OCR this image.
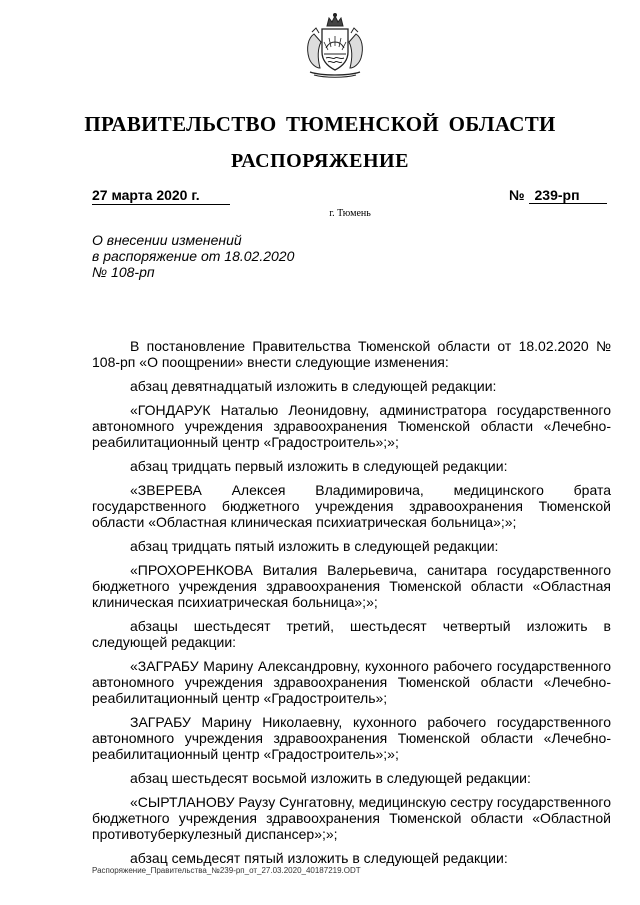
ПРАВИТЕЛЬСТВО ТЮМЕНСКОЙ ОБЛАСТИ
РАСПОРЯЖЕНИЕ
27 марта 2020 г.	№ 239-рп
г. Тюмень
О внесении изменений
в распоряжение от 18.02.2020
№ 108-рп

В постановление Правительства Тюменской области от 18.02.2020 № 108-рп «О поощрении» внести следующие изменения:

абзац девятнадцатый изложить в следующей редакции:

«ГОНДАРУК Наталью Леонидовну, администратора государственного автономного учреждения здравоохранения Тюменской области «Лечебно-реабилитационный центр «Градостроитель»;»;

абзац тридцать первый изложить в следующей редакции:

«ЗВЕРЕВА Алексея Владимировича, медицинского брата государственного бюджетного учреждения здравоохранения Тюменской области «Областная клиническая психиатрическая больница»;»;

абзац тридцать пятый изложить в следующей редакции:

«ПРОХОРЕНКОВА Виталия Валерьевича, санитара государственного бюджетного учреждения здравоохранения Тюменской области «Областная клиническая психиатрическая больница»;»;

абзацы шестьдесят третий, шестьдесят четвертый изложить в следующей редакции:

«ЗАГРАБУ Марину Александровну, кухонного рабочего государственного автономного учреждения здравоохранения Тюменской области «Лечебно-реабилитационный центр «Градостроитель»;

ЗАГРАБУ Марину Николаевну, кухонного рабочего государственного автономного учреждения здравоохранения Тюменской области «Лечебно-реабилитационный центр «Градостроитель»;»;

абзац шестьдесят восьмой изложить в следующей редакции:

«СЫРТЛАНОВУ Раузу Сунгатовну, медицинскую сестру государственного бюджетного учреждения здравоохранения Тюменской области «Областной противотуберкулезный диспансер»;»;

абзац семьдесят пятый изложить в следующей редакции:

Распоряжение_Правительства_№239-рп_от_27.03.2020_40187219.ODT
